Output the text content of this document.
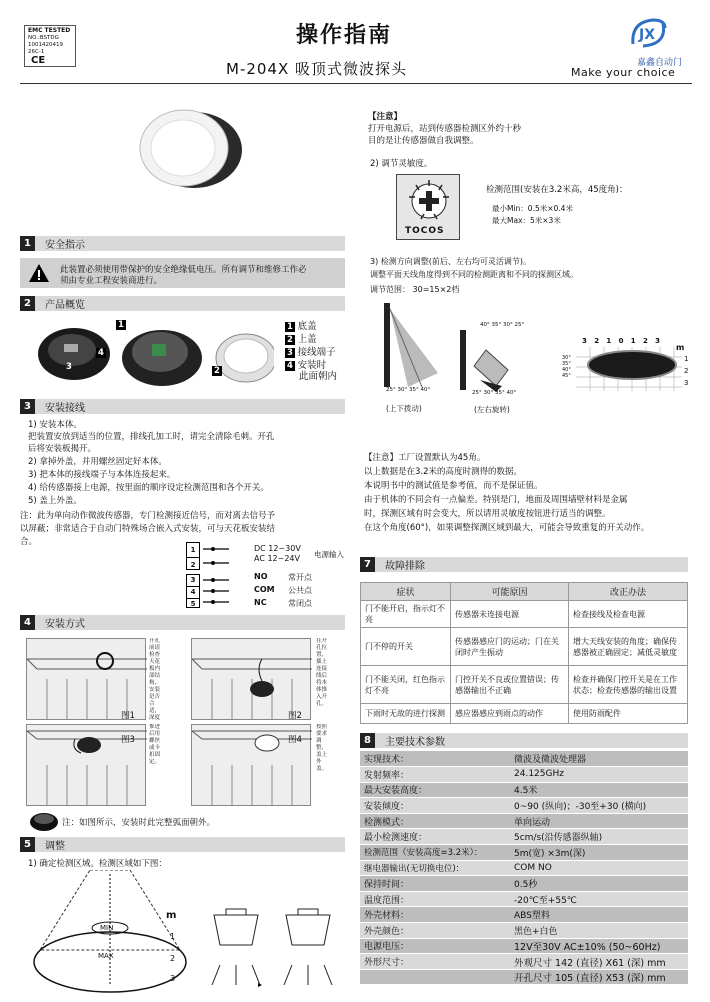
EMC TESTED
NO.:BSTDG
1001420419
26C-1
CE
操作指南
M-204X 吸顶式微波探头
JX
嘉鑫自动门
Make your choice
1	安全指示
此装置必须使用带保护的安全绝缘低电压。所有调节和维修工作必
须由专业工程安装商进行。
2	产品概览
1
4
3	2
1 底盖
2 上盖
3 接线端子
4 安装时
此面朝内
3	安装接线
1) 安装本体。
把装置安放到适当的位置，排线孔加工时，请完全清除毛刺。开孔
后将安装板揭开。
2) 拿掉外盖，并用螺丝固定好本体。
3) 把本体的接线端子与本体连接起来。
4) 给传感器接上电源，按里面的顺序设定检测范围和各个开关。
5) 盖上外盖。
注：此为单向动作微波传感器，专门检测接近信号，而对离去信号予
以屏蔽；非常适合于自动门特殊场合嵌入式安装，可与天花板安装结
合。
1
2
3
4
5
DC 12~30V
AC 12~24V 电源输入
NO	常开点
COM 公共点
NC	常闭点
4	安装方式
图1
开孔前请检查天花板内部结构，安装是否合适，深度	图2
在开孔位置，插上连接线后将本体推入开孔。
图3
推进后用螺丝或卡扣固定。
图4
按照要求调整，盖上外盖。
注：如图所示，安装时此完整弧面朝外。
5	调整
1) 确定检测区域。检测区域如下图：
MIN
MAX
m
1
2
3
【注意】
打开电源后，站到传感器检测区外约十秒
目的是让传感器做自我调整。
2) 调节灵敏度。
TOCOS
检测范围(安装在3.2米高，45度角)：
最小Min：0.5米×0.4米
最大Max：5米×3米
3) 检测方向调整(前后、左右均可灵活调节)。
调整平面天线角度得到不同的检测距离和不同的探测区域。
调节范围： 30=15×2档
25° 30° 35° 40°
(上下拨动)
40° 35° 30° 25°
25° 30° 35° 40°
(左右旋转)
3 2 1 0 1 2 3
m
30°
35°
40°
45°
1
2
3
【注意】工厂设置默认为45角。
以上数据是在3.2米的高度时测得的数据。
本说明书中的测试值是参考值，而不是保证值。
由于机体的不同会有一点偏差。特别是门，地面及周围墙壁材料是金属
时，探测区域有时会变大，所以请用灵敏度按钮进行适当的调整。
在这个角度(60°)，如果调整探测区域到最大，可能会导致重复的开关动作。
7	故障排除
症状	可能原因	改正办法
门不能开启，指示灯不亮	传感器未连接电源	检查接线及检查电源
门不停的开关	传感器感应门的运动；门在关闭时产生振动	增大天线安装的角度；确保传感器被正确固定；减低灵敏度
门不能关闭，红色指示灯不亮	门控开关不良或位置错误；传感器输出不正确	检查并确保门控开关是在工作状态；检查传感器的输出设置
下雨时无故的进行探测	感应器感应到雨点的动作	使用防雨配件
8	主要技术参数
实现技术：	微波及微波处理器
发射频率：	24.125GHz
最大安装高度：	4.5米
安装倾度：	0~90 (纵向)；-30至+30 (横向)
检测模式：	单向运动
最小检测速度：	5cm/s(沿传感器纵轴)
检测范围（安装高度=3.2米）：	5m(宽) ×3m(深)
继电器输出(无切换电位)：	COM NO
保持时间：	0.5秒
温度范围：	-20℃至+55℃
外壳材料：	ABS塑料
外壳颜色：	黑色+白色
电源电压：	12V至30V AC±10% (50~60Hz)
外形尺寸：	外观尺寸 142 (直径) X61 (深) mm
	开孔尺寸 105 (直径) X53 (深) mm
